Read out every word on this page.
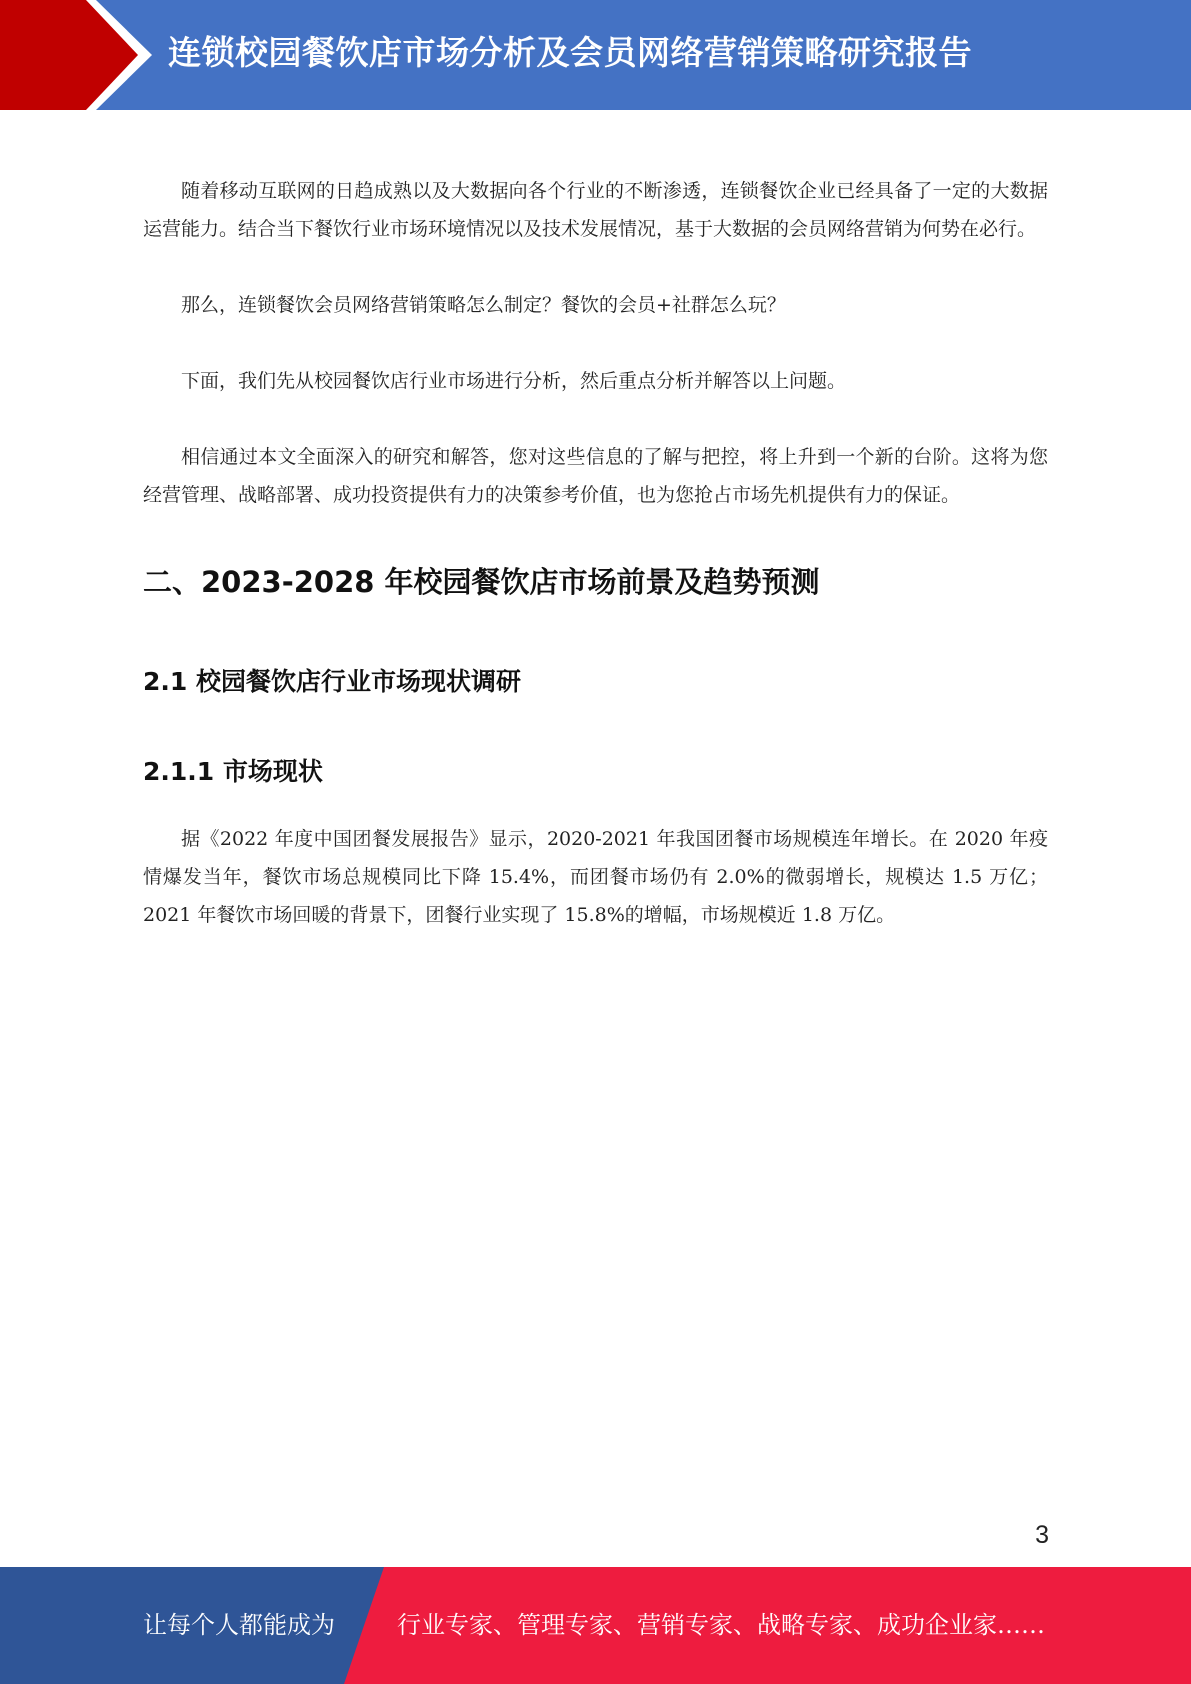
连锁校园餐饮店市场分析及会员网络营销策略研究报告

随着移动互联网的日趋成熟以及大数据向各个行业的不断渗透，连锁餐饮企业已经具备了一定的大数据运营能力。结合当下餐饮行业市场环境情况以及技术发展情况，基于大数据的会员网络营销为何势在必行。

那么，连锁餐饮会员网络营销策略怎么制定？餐饮的会员+社群怎么玩？

下面，我们先从校园餐饮店行业市场进行分析，然后重点分析并解答以上问题。

相信通过本文全面深入的研究和解答，您对这些信息的了解与把控，将上升到一个新的台阶。这将为您经营管理、战略部署、成功投资提供有力的决策参考价值，也为您抢占市场先机提供有力的保证。

二、2023-2028 年校园餐饮店市场前景及趋势预测
2.1 校园餐饮店行业市场现状调研
2.1.1 市场现状

据《2022 年度中国团餐发展报告》显示，2020-2021 年我国团餐市场规模连年增长。在 2020 年疫情爆发当年，餐饮市场总规模同比下降 15.4%，而团餐市场仍有 2.0%的微弱增长，规模达 1.5 万亿；2021 年餐饮市场回暖的背景下，团餐行业实现了 15.8%的增幅，市场规模近 1.8 万亿。

3
让每个人都能成为	行业专家、管理专家、营销专家、战略专家、成功企业家……
